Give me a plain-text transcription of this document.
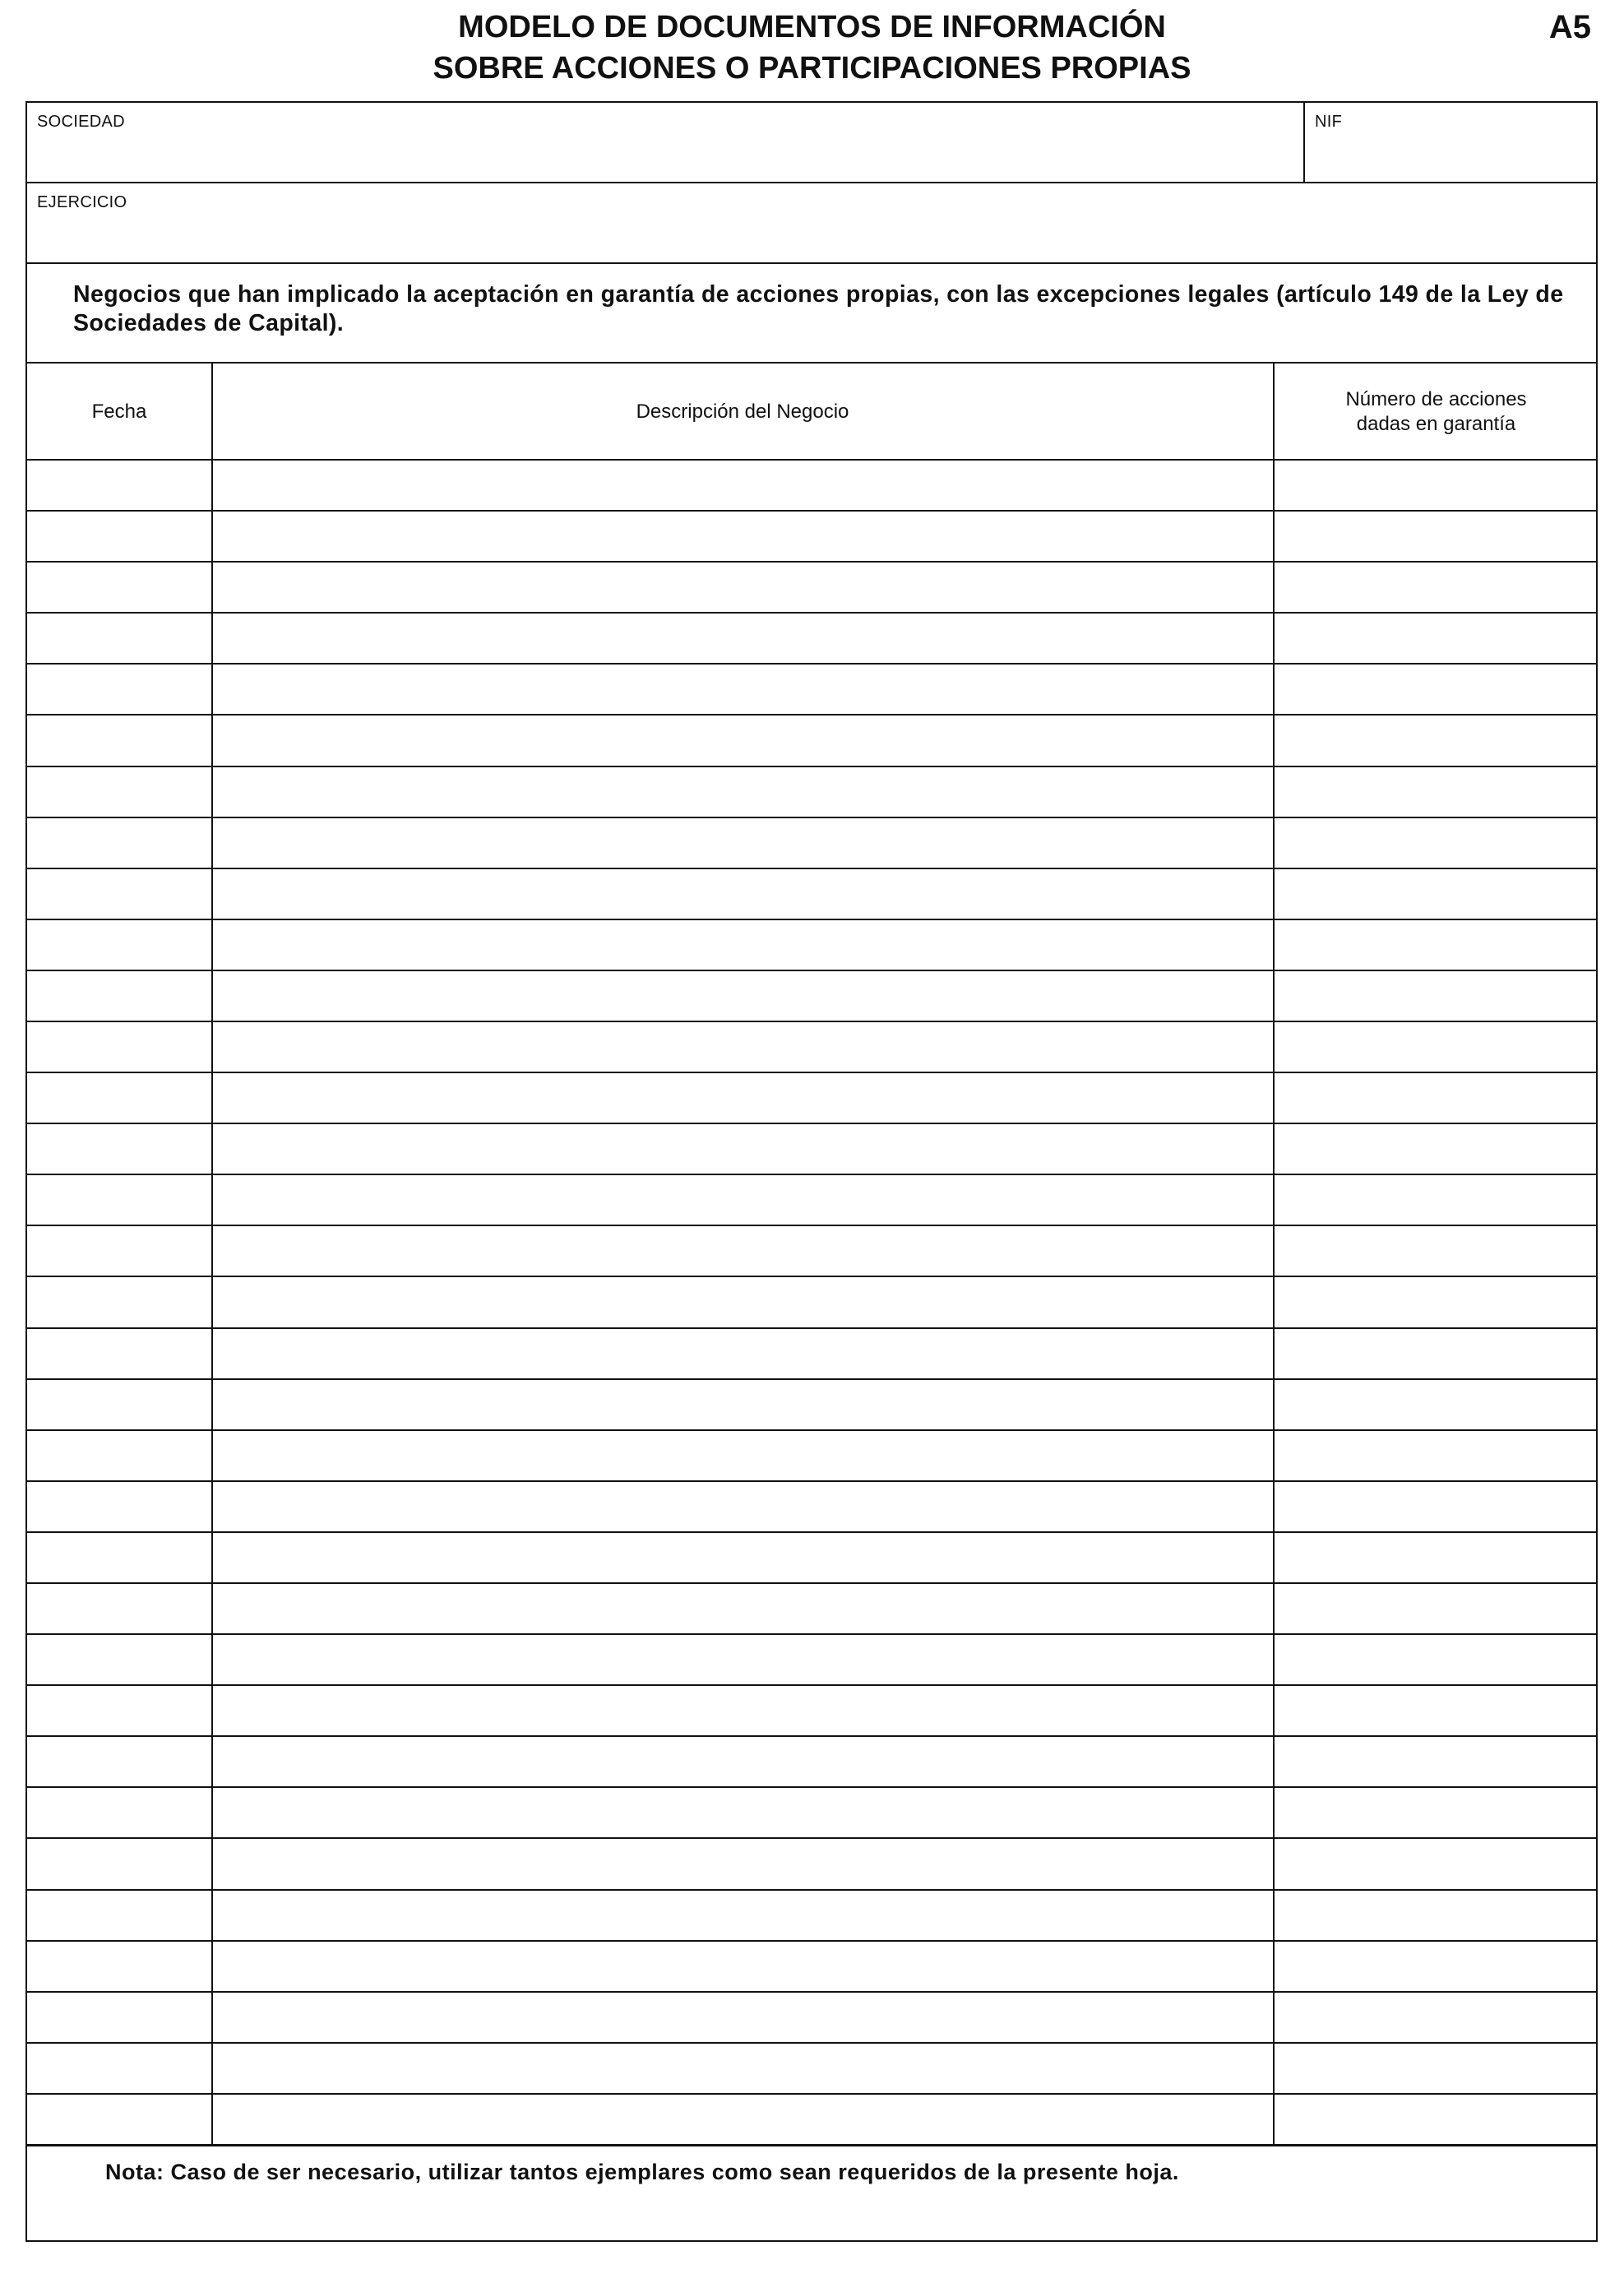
MODELO DE DOCUMENTOS DE INFORMACIÓN
SOBRE ACCIONES O PARTICIPACIONES PROPIAS
A5
SOCIEDAD	NIF
EJERCICIO
Negocios que han implicado la aceptación en garantía de acciones propias, con las excepciones legales (artículo 149 de la Ley de Sociedades de Capital).
Fecha	Descripción del Negocio
Número de acciones
dadas en garantía
Nota: Caso de ser necesario, utilizar tantos ejemplares como sean requeridos de la presente hoja.
